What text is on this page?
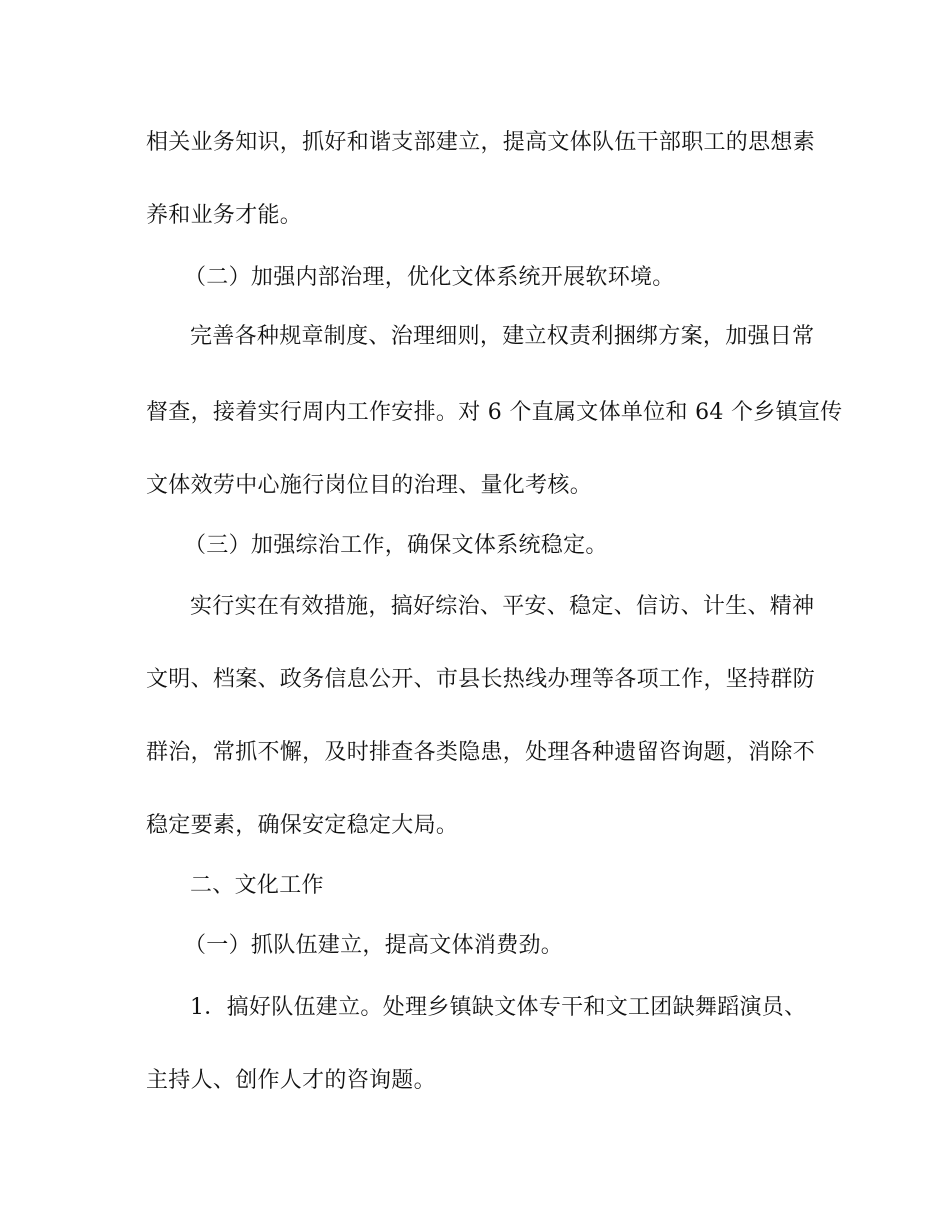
相关业务知识，抓好和谐支部建立，提高文体队伍干部职工的思想素
养和业务才能。
（二）加强内部治理，优化文体系统开展软环境。
完善各种规章制度、治理细则，建立权责利捆绑方案，加强日常
督查，接着实行周内工作安排。对 6 个直属文体单位和 64 个乡镇宣传
文体效劳中心施行岗位目的治理、量化考核。
（三）加强综治工作，确保文体系统稳定。
实行实在有效措施，搞好综治、平安、稳定、信访、计生、精神
文明、档案、政务信息公开、市县长热线办理等各项工作，坚持群防
群治，常抓不懈，及时排查各类隐患，处理各种遗留咨询题，消除不
稳定要素，确保安定稳定大局。
二、文化工作
（一）抓队伍建立，提高文体消费劲。
1．搞好队伍建立。处理乡镇缺文体专干和文工团缺舞蹈演员、
主持人、创作人才的咨询题。
